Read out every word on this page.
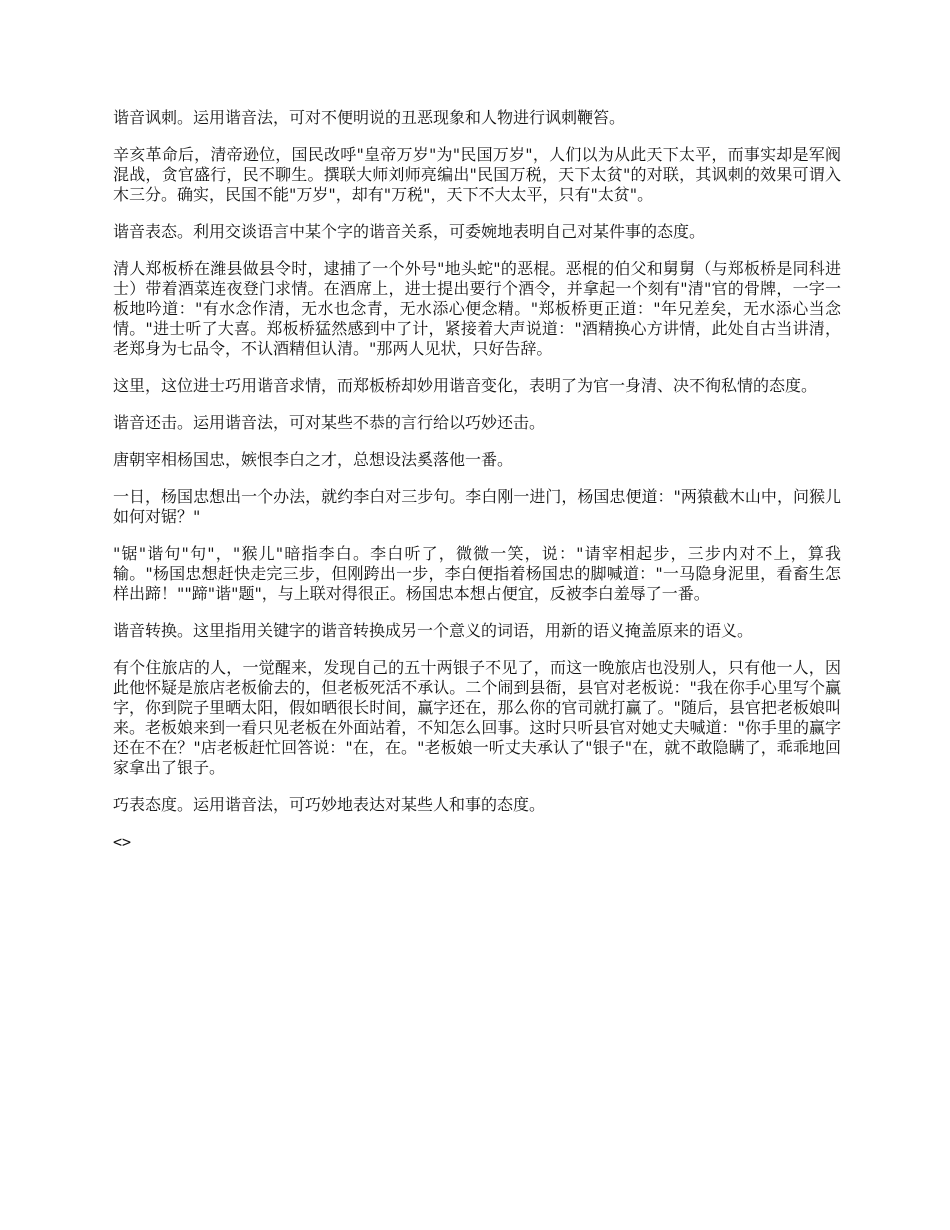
谐音讽刺。运用谐音法，可对不便明说的丑恶现象和人物进行讽刺鞭笞。

辛亥革命后，清帝逊位，国民改呼"皇帝万岁"为"民国万岁"，人们以为从此天下太平，而事实却是军阀混战，贪官盛行，民不聊生。撰联大师刘师亮编出"民国万税，天下太贫"的对联，其讽刺的效果可谓入木三分。确实，民国不能"万岁"，却有"万税"，天下不大太平，只有"太贫"。

谐音表态。利用交谈语言中某个字的谐音关系，可委婉地表明自己对某件事的态度。

清人郑板桥在潍县做县令时，逮捕了一个外号"地头蛇"的恶棍。恶棍的伯父和舅舅（与郑板桥是同科进士）带着酒菜连夜登门求情。在酒席上，进士提出要行个酒令，并拿起一个刻有"清"官的骨牌，一字一板地吟道："有水念作清，无水也念青，无水添心便念精。"郑板桥更正道："年兄差矣，无水添心当念情。"进士听了大喜。郑板桥猛然感到中了计，紧接着大声说道："酒精换心方讲情，此处自古当讲清，老郑身为七品令，不认酒精但认清。"那两人见状，只好告辞。

这里，这位进士巧用谐音求情，而郑板桥却妙用谐音变化，表明了为官一身清、决不徇私情的态度。

谐音还击。运用谐音法，可对某些不恭的言行给以巧妙还击。

唐朝宰相杨国忠，嫉恨李白之才，总想设法奚落他一番。

一日，杨国忠想出一个办法，就约李白对三步句。李白刚一进门，杨国忠便道："两猿截木山中，问猴儿如何对锯？"

"锯"谐句"句"，"猴儿"暗指李白。李白听了，微微一笑，说："请宰相起步，三步内对不上，算我输。"杨国忠想赶快走完三步，但刚跨出一步，李白便指着杨国忠的脚喊道："一马隐身泥里，看畜生怎样出蹄！""蹄"谐"题"，与上联对得很正。杨国忠本想占便宜，反被李白羞辱了一番。

谐音转换。这里指用关键字的谐音转换成另一个意义的词语，用新的语义掩盖原来的语义。

有个住旅店的人，一觉醒来，发现自己的五十两银子不见了，而这一晚旅店也没别人，只有他一人，因此他怀疑是旅店老板偷去的，但老板死活不承认。二个闹到县衙，县官对老板说："我在你手心里写个赢字，你到院子里晒太阳，假如晒很长时间，赢字还在，那么你的官司就打赢了。"随后，县官把老板娘叫来。老板娘来到一看只见老板在外面站着，不知怎么回事。这时只听县官对她丈夫喊道："你手里的赢字还在不在？"店老板赶忙回答说："在，在。"老板娘一听丈夫承认了"银子"在，就不敢隐瞒了，乖乖地回家拿出了银子。

巧表态度。运用谐音法，可巧妙地表达对某些人和事的态度。

<>
